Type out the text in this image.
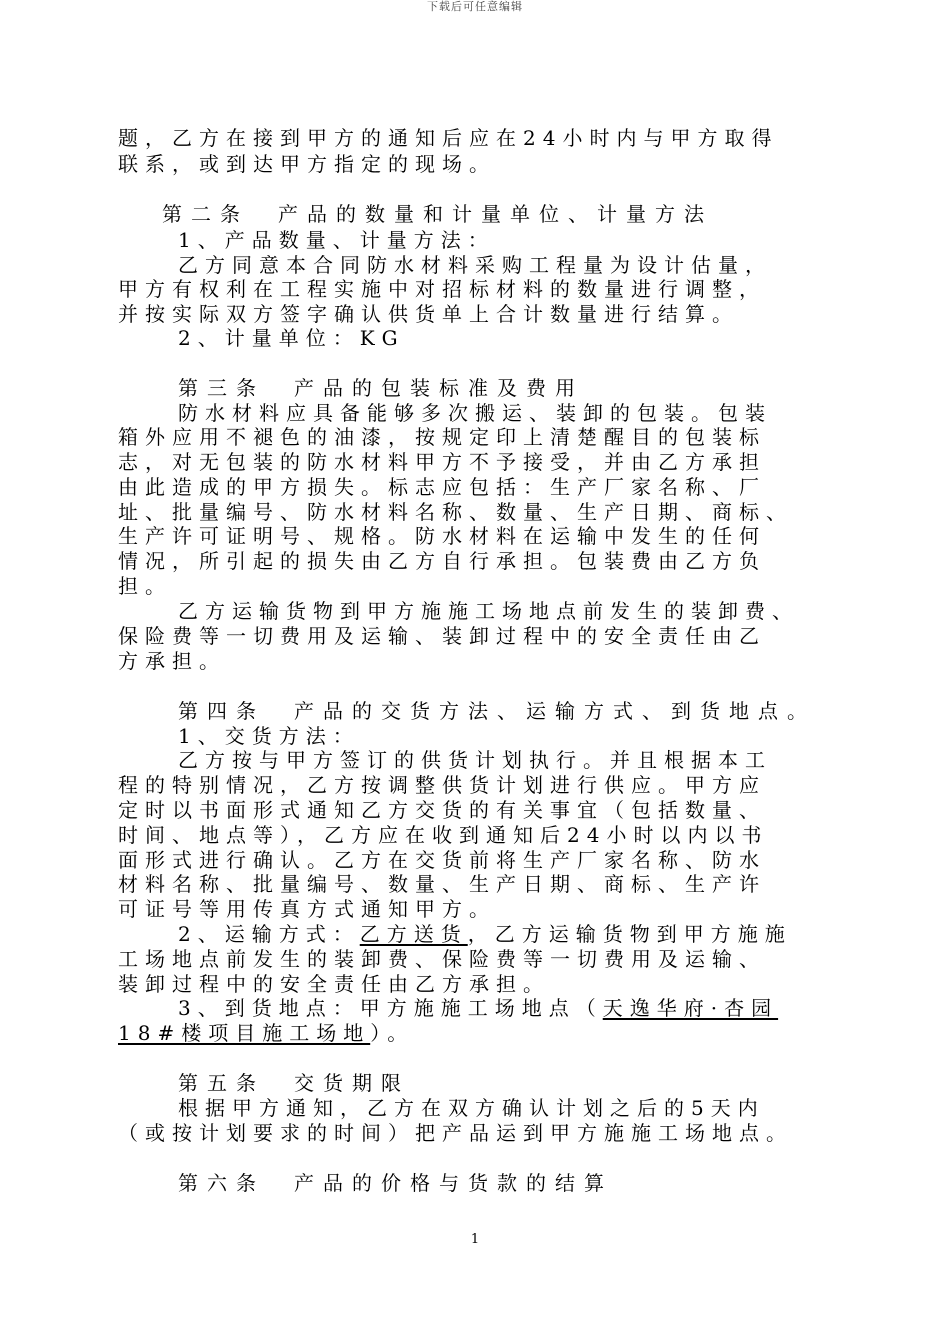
下载后可任意编辑
题，乙方在接到甲方的通知后应在24小时内与甲方取得
联系，或到达甲方指定的现场。
第二条　产品的数量和计量单位、计量方法
1、产品数量、计量方法：
乙方同意本合同防水材料采购工程量为设计估量，
甲方有权利在工程实施中对招标材料的数量进行调整，
并按实际双方签字确认供货单上合计数量进行结算。
2、计量单位：KG
第三条　产品的包装标准及费用
防水材料应具备能够多次搬运、装卸的包装。包装
箱外应用不褪色的油漆，按规定印上清楚醒目的包装标
志，对无包装的防水材料甲方不予接受，并由乙方承担
由此造成的甲方损失。标志应包括：生产厂家名称、厂
址、批量编号、防水材料名称、数量、生产日期、商标、
生产许可证明号、规格。防水材料在运输中发生的任何
情况，所引起的损失由乙方自行承担。包装费由乙方负
担。
乙方运输货物到甲方施施工场地点前发生的装卸费、
保险费等一切费用及运输、装卸过程中的安全责任由乙
方承担。
第四条　产品的交货方法、运输方式、到货地点。
1、交货方法：
乙方按与甲方签订的供货计划执行。并且根据本工
程的特别情况，乙方按调整供货计划进行供应。甲方应
定时以书面形式通知乙方交货的有关事宜（包括数量、
时间、地点等），乙方应在收到通知后24小时以内以书
面形式进行确认。乙方在交货前将生产厂家名称、防水
材料名称、批量编号、数量、生产日期、商标、生产许
可证号等用传真方式通知甲方。
2、运输方式：乙方送货，乙方运输货物到甲方施施
工场地点前发生的装卸费、保险费等一切费用及运输、
装卸过程中的安全责任由乙方承担。
3、到货地点：甲方施施工场地点（天逸华府·杏园
18#楼项目施工场地）。
第五条　交货期限
根据甲方通知，乙方在双方确认计划之后的5天内
（或按计划要求的时间）把产品运到甲方施施工场地点。
第六条　产品的价格与货款的结算
1
